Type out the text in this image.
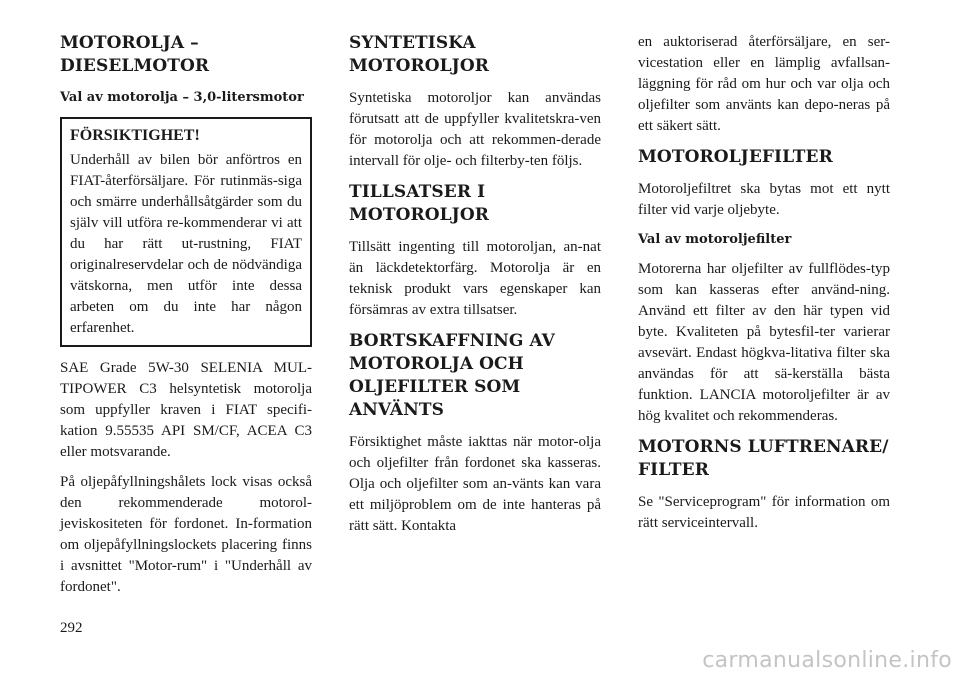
MOTOROLJA –
DIESELMOTOR
Val av motorolja – 3,0-litersmotor
FÖRSIKTIGHET!

Underhåll av bilen bör anförtros en FIAT-återförsäljare. För rutinmäs-siga och smärre underhållsåtgärder som du själv vill utföra re-kommenderar vi att du har rätt ut-rustning, FIAT originalreservdelar och de nödvändiga vätskorna, men utför inte dessa arbeten om du inte har någon erfarenhet.

SAE Grade 5W-30 SELENIA MUL-TIPOWER C3 helsyntetisk motorolja som uppfyller kraven i FIAT specifi-kation 9.55535 API SM/CF, ACEA C3 eller motsvarande.

På oljepåfyllningshålets lock visas också den rekommenderade motorol-jeviskositeten för fordonet. In-formation om oljepåfyllningslockets placering finns i avsnittet "Motor-rum" i "Underhåll av fordonet".

SYNTETISKA
MOTOROLJOR

Syntetiska motoroljor kan användas förutsatt att de uppfyller kvalitetskra-ven för motorolja och att rekommen-derade intervall för olje- och filterby-ten följs.

TILLSATSER I
MOTOROLJOR

Tillsätt ingenting till motoroljan, an-nat än läckdetektorfärg. Motorolja är en teknisk produkt vars egenskaper kan försämras av extra tillsatser.

BORTSKAFFNING AV
MOTOROLJA OCH
OLJEFILTER SOM
ANVÄNTS

Försiktighet måste iakttas när motor-olja och oljefilter från fordonet ska kasseras. Olja och oljefilter som an-vänts kan vara ett miljöproblem om de inte hanteras på rätt sätt. Kontakta

en auktoriserad återförsäljare, en ser-vicestation eller en lämplig avfallsan-läggning för råd om hur och var olja och oljefilter som använts kan depo-neras på ett säkert sätt.

MOTOROLJEFILTER

Motoroljefiltret ska bytas mot ett nytt filter vid varje oljebyte.

Val av motoroljefilter

Motorerna har oljefilter av fullflödes-typ som kan kasseras efter använd-ning. Använd ett filter av den här typen vid byte. Kvaliteten på bytesfil-ter varierar avsevärt. Endast högkva-litativa filter ska användas för att sä-kerställa bästa funktion. LANCIA motoroljefilter är av hög kvalitet och rekommenderas.

MOTORNS LUFTRENARE/
FILTER

Se "Serviceprogram" för information om rätt serviceintervall.

292
carmanualsonline.info
